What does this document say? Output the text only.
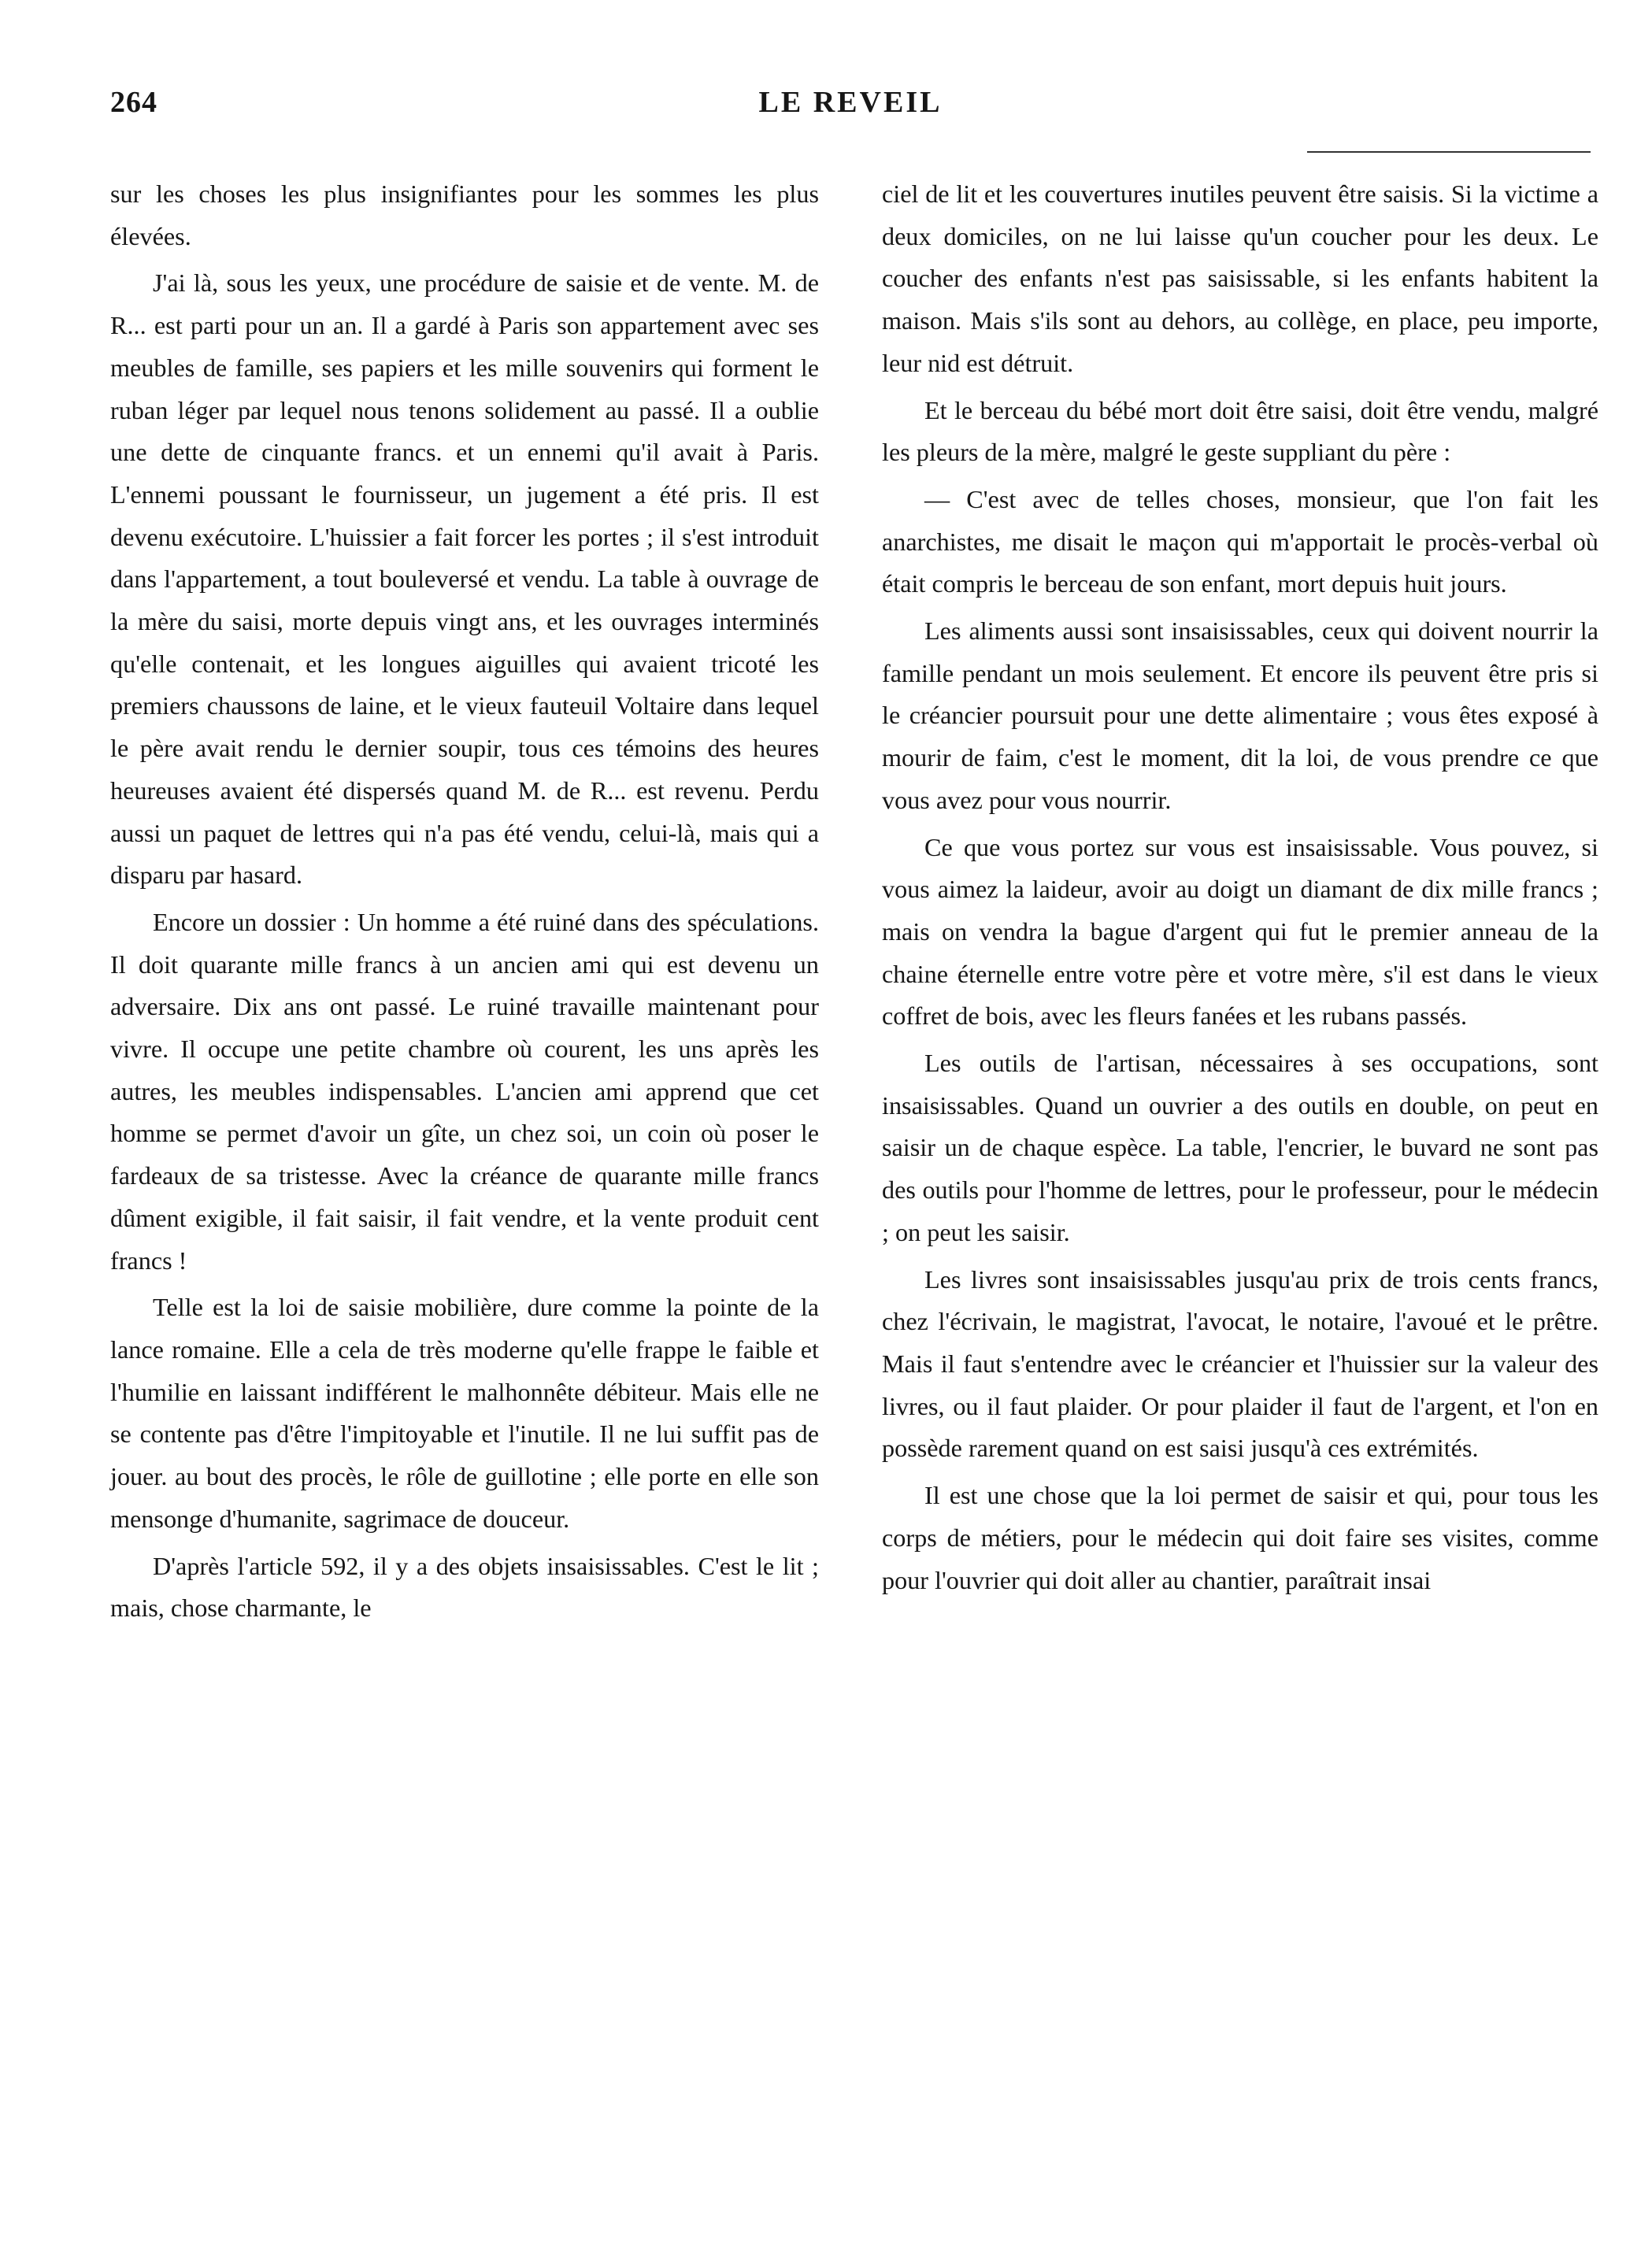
264	LE REVEIL

sur les choses les plus insignifiantes pour les sommes les plus élevées.

J'ai là, sous les yeux, une procédure de saisie et de vente. M. de R... est parti pour un an. Il a gardé à Paris son appartement avec ses meubles de famille, ses papiers et les mille souvenirs qui forment le ruban léger par lequel nous tenons solidement au passé. Il a oublie une dette de cinquante francs. et un ennemi qu'il avait à Paris. L'ennemi poussant le fournisseur, un jugement a été pris. Il est devenu exécutoire. L'huissier a fait forcer les portes ; il s'est introduit dans l'appartement, a tout bouleversé et vendu. La table à ouvrage de la mère du saisi, morte depuis vingt ans, et les ouvrages interminés qu'elle contenait, et les longues aiguilles qui avaient tricoté les premiers chaussons de laine, et le vieux fauteuil Voltaire dans lequel le père avait rendu le dernier soupir, tous ces témoins des heures heureuses avaient été dispersés quand M. de R... est revenu. Perdu aussi un paquet de lettres qui n'a pas été vendu, celui-là, mais qui a disparu par hasard.

Encore un dossier : Un homme a été ruiné dans des spéculations. Il doit quarante mille francs à un ancien ami qui est devenu un adversaire. Dix ans ont passé. Le ruiné travaille maintenant pour vivre. Il occupe une petite chambre où courent, les uns après les autres, les meubles indispensables. L'ancien ami apprend que cet homme se permet d'avoir un gîte, un chez soi, un coin où poser le fardeaux de sa tristesse. Avec la créance de quarante mille francs dûment exigible, il fait saisir, il fait vendre, et la vente produit cent francs !

Telle est la loi de saisie mobilière, dure comme la pointe de la lance romaine. Elle a cela de très moderne qu'elle frappe le faible et l'humilie en laissant indifférent le malhonnête débiteur. Mais elle ne se contente pas d'être l'impitoyable et l'inutile. Il ne lui suffit pas de jouer. au bout des procès, le rôle de guillotine ; elle porte en elle son mensonge d'humanite, sagrimace de douceur.

D'après l'article 592, il y a des objets insaisissables. C'est le lit ; mais, chose charmante, le

ciel de lit et les couvertures inutiles peuvent être saisis. Si la victime a deux domiciles, on ne lui laisse qu'un coucher pour les deux. Le coucher des enfants n'est pas saisissable, si les enfants habitent la maison. Mais s'ils sont au dehors, au collège, en place, peu importe, leur nid est détruit.

Et le berceau du bébé mort doit être saisi, doit être vendu, malgré les pleurs de la mère, malgré le geste suppliant du père :

— C'est avec de telles choses, monsieur, que l'on fait les anarchistes, me disait le maçon qui m'apportait le procès-verbal où était compris le berceau de son enfant, mort depuis huit jours.

Les aliments aussi sont insaisissables, ceux qui doivent nourrir la famille pendant un mois seulement. Et encore ils peuvent être pris si le créancier poursuit pour une dette alimentaire ; vous êtes exposé à mourir de faim, c'est le moment, dit la loi, de vous prendre ce que vous avez pour vous nourrir.

Ce que vous portez sur vous est insaisissable. Vous pouvez, si vous aimez la laideur, avoir au doigt un diamant de dix mille francs ; mais on vendra la bague d'argent qui fut le premier anneau de la chaine éternelle entre votre père et votre mère, s'il est dans le vieux coffret de bois, avec les fleurs fanées et les rubans passés.

Les outils de l'artisan, nécessaires à ses occupations, sont insaisissables. Quand un ouvrier a des outils en double, on peut en saisir un de chaque espèce. La table, l'encrier, le buvard ne sont pas des outils pour l'homme de lettres, pour le professeur, pour le médecin ; on peut les saisir.

Les livres sont insaisissables jusqu'au prix de trois cents francs, chez l'écrivain, le magistrat, l'avocat, le notaire, l'avoué et le prêtre. Mais il faut s'entendre avec le créancier et l'huissier sur la valeur des livres, ou il faut plaider. Or pour plaider il faut de l'argent, et l'on en possède rarement quand on est saisi jusqu'à ces extrémités.

Il est une chose que la loi permet de saisir et qui, pour tous les corps de métiers, pour le médecin qui doit faire ses visites, comme pour l'ouvrier qui doit aller au chantier, paraîtrait insai
